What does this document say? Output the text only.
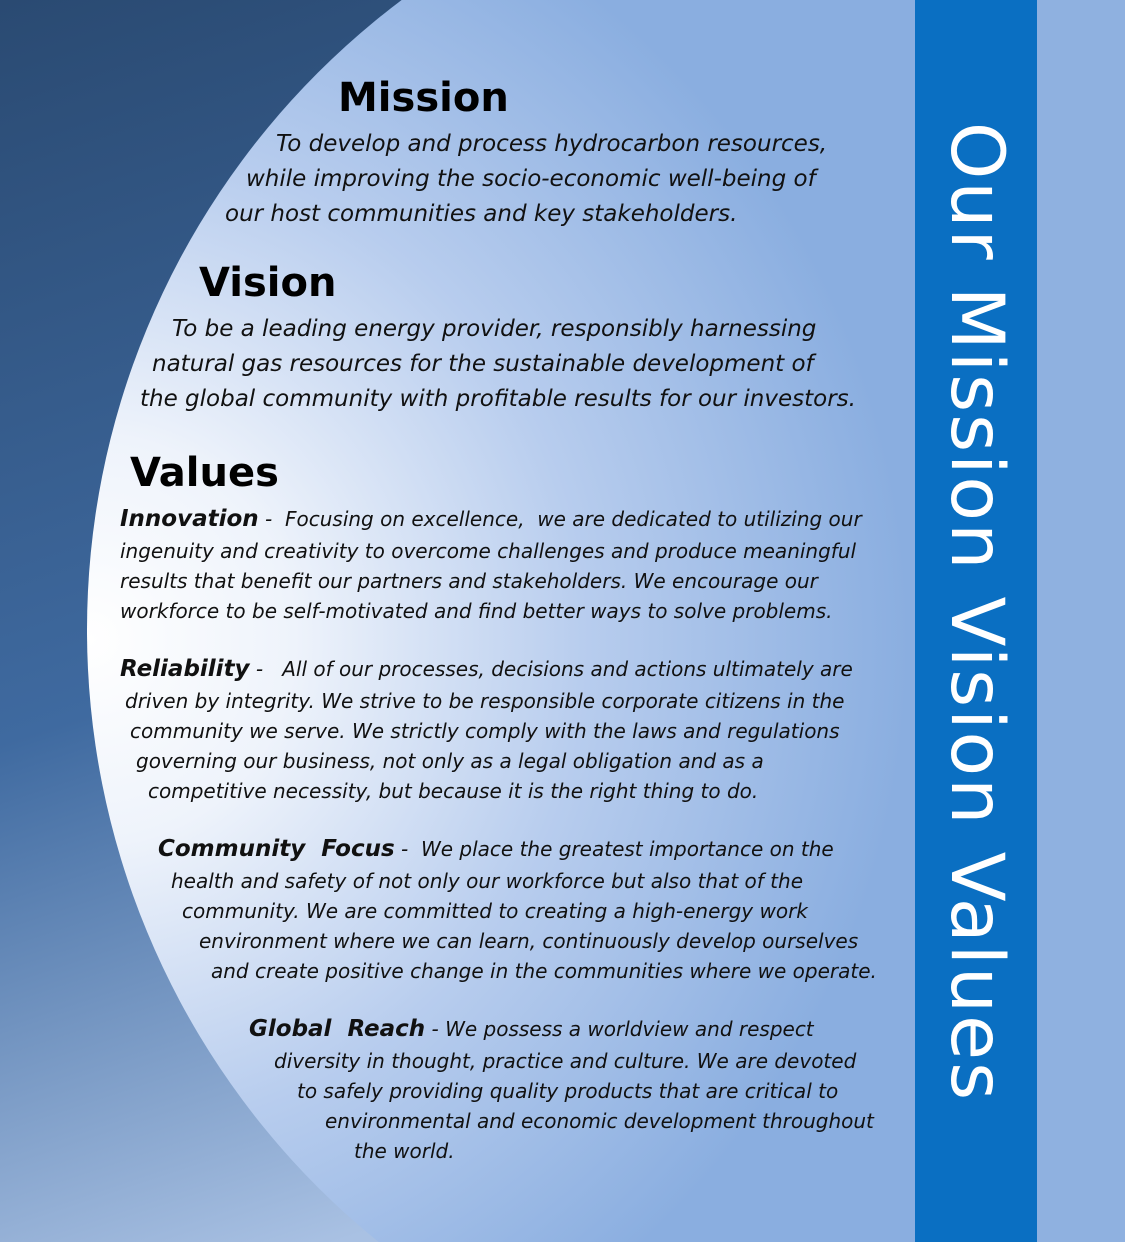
Our Mission Vision Values
Mission
To develop and process hydrocarbon resources,
while improving the socio-economic well-being of
our host communities and key stakeholders.
Vision
To be a leading energy provider, responsibly harnessing
natural gas resources for the sustainable development of
the global community with profitable results for our investors.
Values
Innovation -  Focusing on excellence,  we are dedicated to utilizing our
ingenuity and creativity to overcome challenges and produce meaningful
results that benefit our partners and stakeholders. We encourage our
workforce to be self-motivated and find better ways to solve problems.
Reliability -   All of our processes, decisions and actions ultimately are
driven by integrity. We strive to be responsible corporate citizens in the
community we serve. We strictly comply with the laws and regulations
governing our business, not only as a legal obligation and as a
competitive necessity, but because it is the right thing to do.
Community  Focus -  We place the greatest importance on the
health and safety of not only our workforce but also that of the
community. We are committed to creating a high-energy work
environment where we can learn, continuously develop ourselves
and create positive change in the communities where we operate.
Global  Reach - We possess a worldview and respect
diversity in thought, practice and culture. We are devoted
to safely providing quality products that are critical to
environmental and economic development throughout
the world.
